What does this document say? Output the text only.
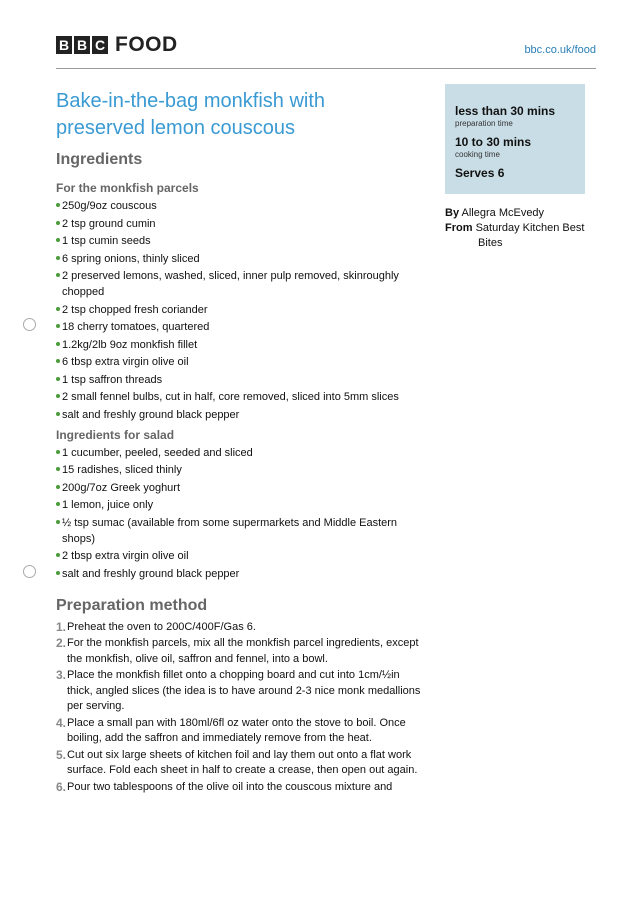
B B C FOOD	bbc.co.uk/food
Bake-in-the-bag monkfish with preserved lemon couscous
less than 30 mins
preparation time
10 to 30 mins
cooking time
Serves 6
By Allegra McEvedy
From Saturday Kitchen Best
Bites
Ingredients
For the monkfish parcels
250g/9oz couscous
2 tsp ground cumin
1 tsp cumin seeds
6 spring onions, thinly sliced
2 preserved lemons, washed, sliced, inner pulp removed, skinroughly chopped
2 tsp chopped fresh coriander
18 cherry tomatoes, quartered
1.2kg/2lb 9oz monkfish fillet
6 tbsp extra virgin olive oil
1 tsp saffron threads
2 small fennel bulbs, cut in half, core removed, sliced into 5mm slices
salt and freshly ground black pepper
Ingredients for salad
1 cucumber, peeled, seeded and sliced
15 radishes, sliced thinly
200g/7oz Greek yoghurt
1 lemon, juice only
½ tsp sumac (available from some supermarkets and Middle Eastern shops)
2 tbsp extra virgin olive oil
salt and freshly ground black pepper
Preparation method
1. Preheat the oven to 200C/400F/Gas 6.
2. For the monkfish parcels, mix all the monkfish parcel ingredients, except the monkfish, olive oil, saffron and fennel, into a bowl.
3. Place the monkfish fillet onto a chopping board and cut into 1cm/½in thick, angled slices (the idea is to have around 2-3 nice monk medallions per serving.
4. Place a small pan with 180ml/6fl oz water onto the stove to boil. Once boiling, add the saffron and immediately remove from the heat.
5. Cut out six large sheets of kitchen foil and lay them out onto a flat work surface. Fold each sheet in half to create a crease, then open out again.
6. Pour two tablespoons of the olive oil into the couscous mixture and
